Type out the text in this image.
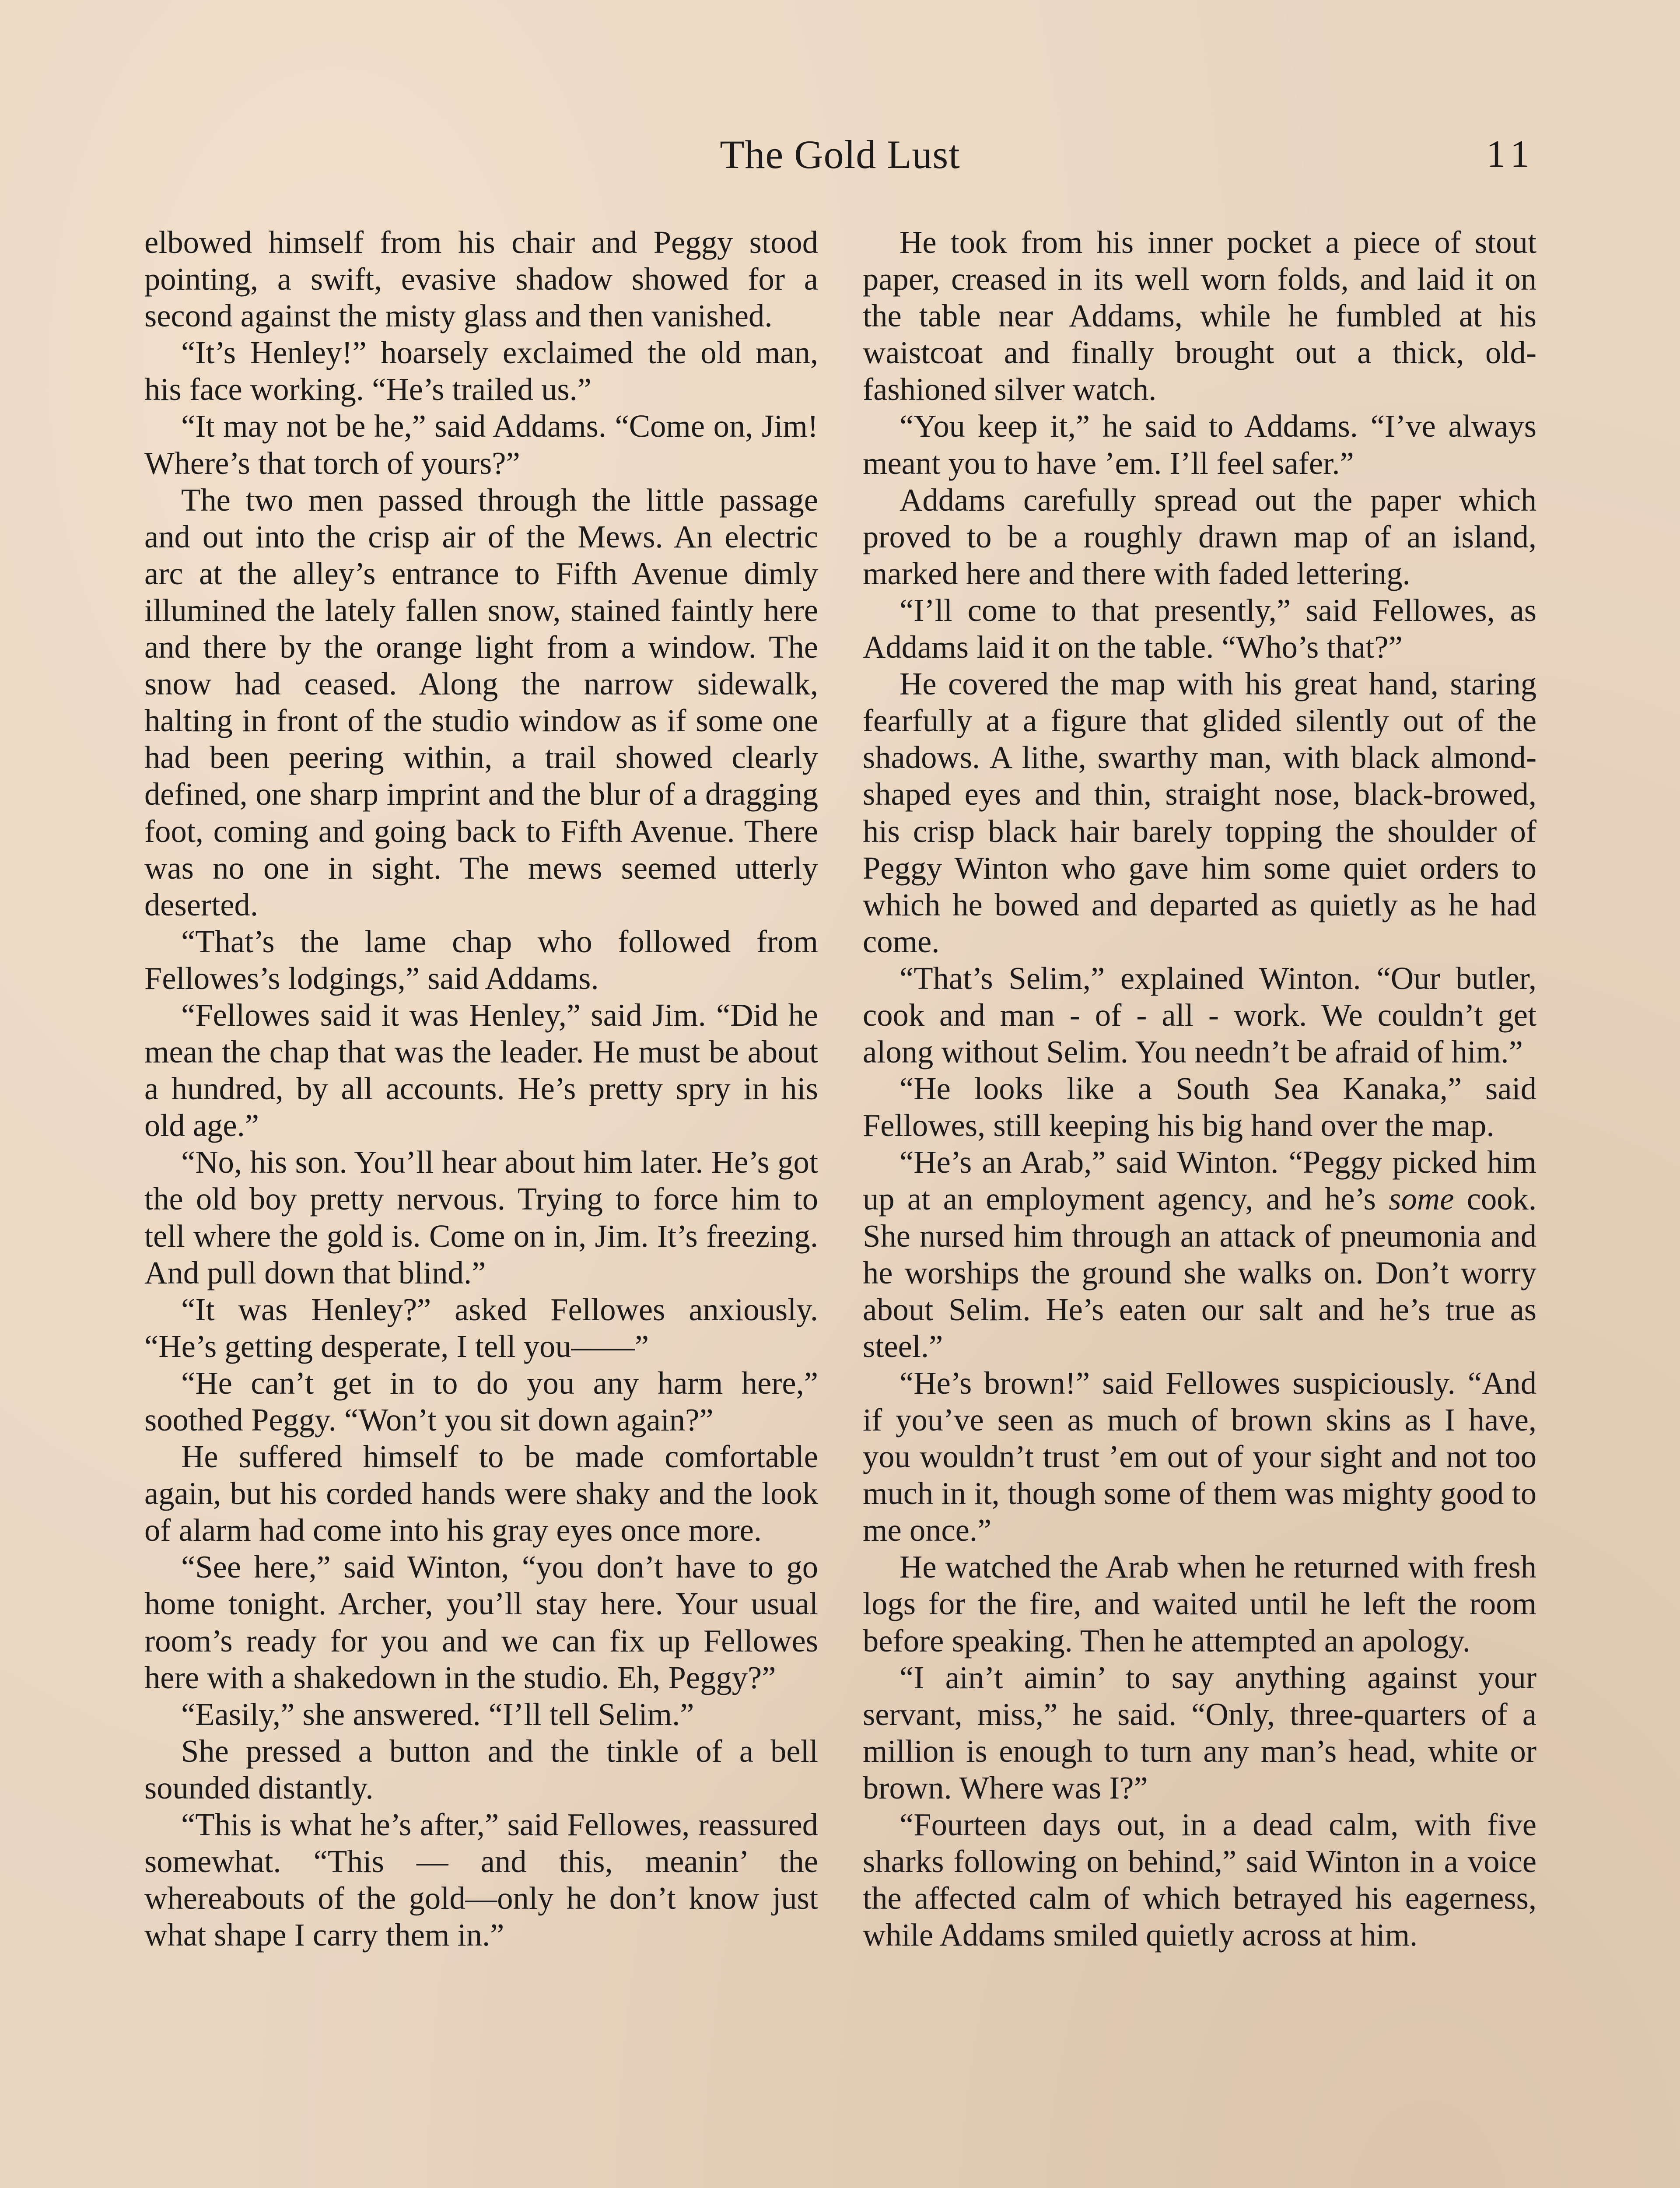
The Gold Lust	11

elbowed himself from his chair and Peggy stood pointing, a swift, evasive shadow showed for a second against the misty glass and then vanished.

“It’s Henley!” hoarsely exclaimed the old man, his face working. “He’s trailed us.”

“It may not be he,” said Addams. “Come on, Jim! Where’s that torch of yours?”

The two men passed through the little passage and out into the crisp air of the Mews. An electric arc at the alley’s entrance to Fifth Avenue dimly illumined the lately fallen snow, stained faintly here and there by the orange light from a window. The snow had ceased. Along the narrow sidewalk, halting in front of the studio window as if some one had been peering within, a trail showed clearly defined, one sharp imprint and the blur of a dragging foot, coming and going back to Fifth Avenue. There was no one in sight. The mews seemed utterly deserted.

“That’s the lame chap who followed from Fellowes’s lodgings,” said Addams.

“Fellowes said it was Henley,” said Jim. “Did he mean the chap that was the leader. He must be about a hundred, by all accounts. He’s pretty spry in his old age.”

“No, his son. You’ll hear about him later. He’s got the old boy pretty nervous. Trying to force him to tell where the gold is. Come on in, Jim. It’s freezing. And pull down that blind.”

“It was Henley?” asked Fellowes anxiously. “He’s getting desperate, I tell you——”

“He can’t get in to do you any harm here,” soothed Peggy. “Won’t you sit down again?”

He suffered himself to be made comfortable again, but his corded hands were shaky and the look of alarm had come into his gray eyes once more.

“See here,” said Winton, “you don’t have to go home tonight. Archer, you’ll stay here. Your usual room’s ready for you and we can fix up Fellowes here with a shakedown in the studio. Eh, Peggy?”

“Easily,” she answered. “I’ll tell Selim.”

She pressed a button and the tinkle of a bell sounded distantly.

“This is what he’s after,” said Fellowes, reassured somewhat. “This — and this, meanin’ the whereabouts of the gold—only he don’t know just what shape I carry them in.”

He took from his inner pocket a piece of stout paper, creased in its well worn folds, and laid it on the table near Addams, while he fumbled at his waistcoat and finally brought out a thick, old-fashioned silver watch.

“You keep it,” he said to Addams. “I’ve always meant you to have ’em. I’ll feel safer.”

Addams carefully spread out the paper which proved to be a roughly drawn map of an island, marked here and there with faded lettering.

“I’ll come to that presently,” said Fellowes, as Addams laid it on the table. “Who’s that?”

He covered the map with his great hand, staring fearfully at a figure that glided silently out of the shadows. A lithe, swarthy man, with black almond-shaped eyes and thin, straight nose, black-browed, his crisp black hair barely topping the shoulder of Peggy Winton who gave him some quiet orders to which he bowed and departed as quietly as he had come.

“That’s Selim,” explained Winton. “Our butler, cook and man - of - all - work. We couldn’t get along without Selim. You needn’t be afraid of him.”

“He looks like a South Sea Kanaka,” said Fellowes, still keeping his big hand over the map.

“He’s an Arab,” said Winton. “Peggy picked him up at an employment agency, and he’s some cook. She nursed him through an attack of pneumonia and he worships the ground she walks on. Don’t worry about Selim. He’s eaten our salt and he’s true as steel.”

“He’s brown!” said Fellowes suspiciously. “And if you’ve seen as much of brown skins as I have, you wouldn’t trust ’em out of your sight and not too much in it, though some of them was mighty good to me once.”

He watched the Arab when he returned with fresh logs for the fire, and waited until he left the room before speaking. Then he attempted an apology.

“I ain’t aimin’ to say anything against your servant, miss,” he said. “Only, three-quarters of a million is enough to turn any man’s head, white or brown. Where was I?”

“Fourteen days out, in a dead calm, with five sharks following on behind,” said Winton in a voice the affected calm of which betrayed his eagerness, while Addams smiled quietly across at him.
